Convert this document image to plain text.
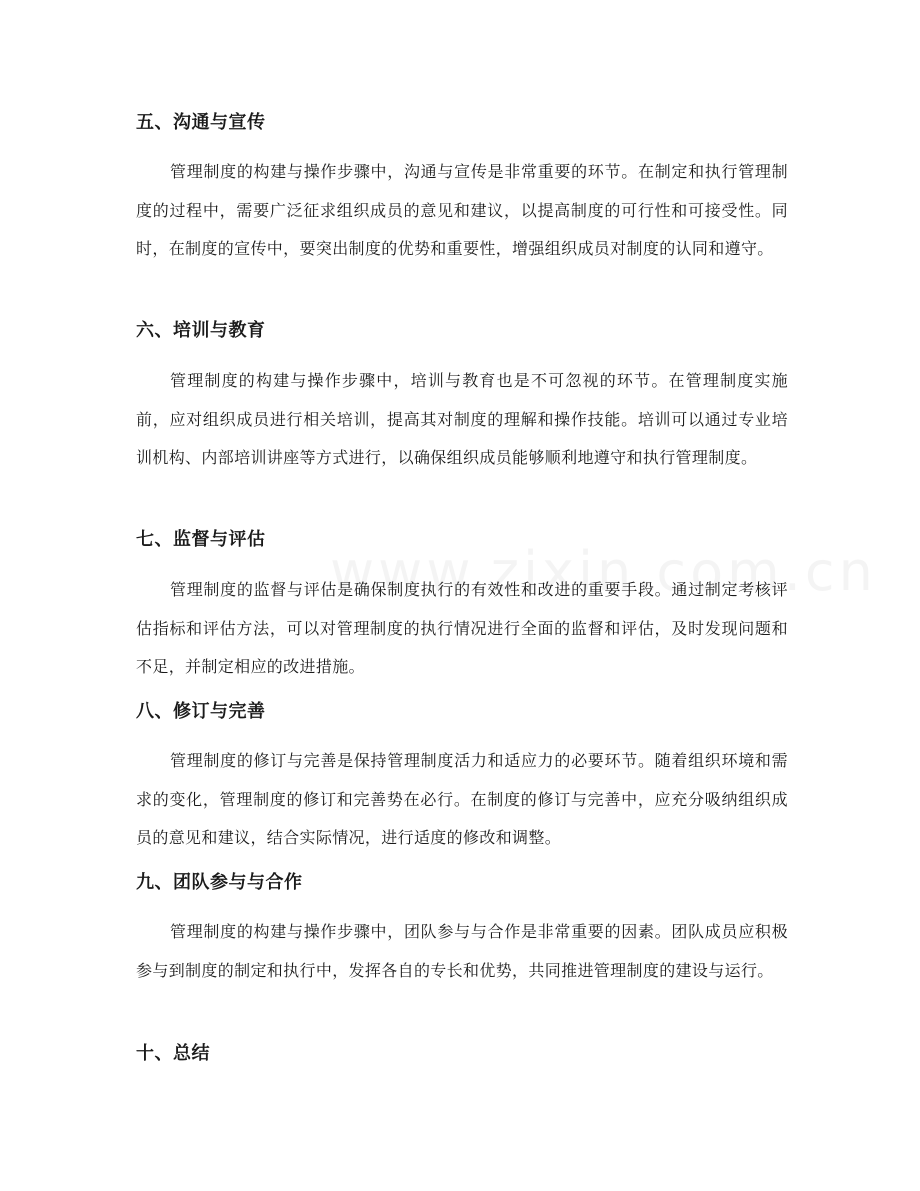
五、沟通与宣传

管理制度的构建与操作步骤中，沟通与宣传是非常重要的环节。在制定和执行管理制度的过程中，需要广泛征求组织成员的意见和建议，以提高制度的可行性和可接受性。同时，在制度的宣传中，要突出制度的优势和重要性，增强组织成员对制度的认同和遵守。

六、培训与教育

管理制度的构建与操作步骤中，培训与教育也是不可忽视的环节。在管理制度实施前，应对组织成员进行相关培训，提高其对制度的理解和操作技能。培训可以通过专业培训机构、内部培训讲座等方式进行，以确保组织成员能够顺利地遵守和执行管理制度。

七、监督与评估

管理制度的监督与评估是确保制度执行的有效性和改进的重要手段。通过制定考核评估指标和评估方法，可以对管理制度的执行情况进行全面的监督和评估，及时发现问题和不足，并制定相应的改进措施。

八、修订与完善

管理制度的修订与完善是保持管理制度活力和适应力的必要环节。随着组织环境和需求的变化，管理制度的修订和完善势在必行。在制度的修订与完善中，应充分吸纳组织成员的意见和建议，结合实际情况，进行适度的修改和调整。

九、团队参与与合作

管理制度的构建与操作步骤中，团队参与与合作是非常重要的因素。团队成员应积极参与到制度的制定和执行中，发挥各自的专长和优势，共同推进管理制度的建设与运行。

十、总结
